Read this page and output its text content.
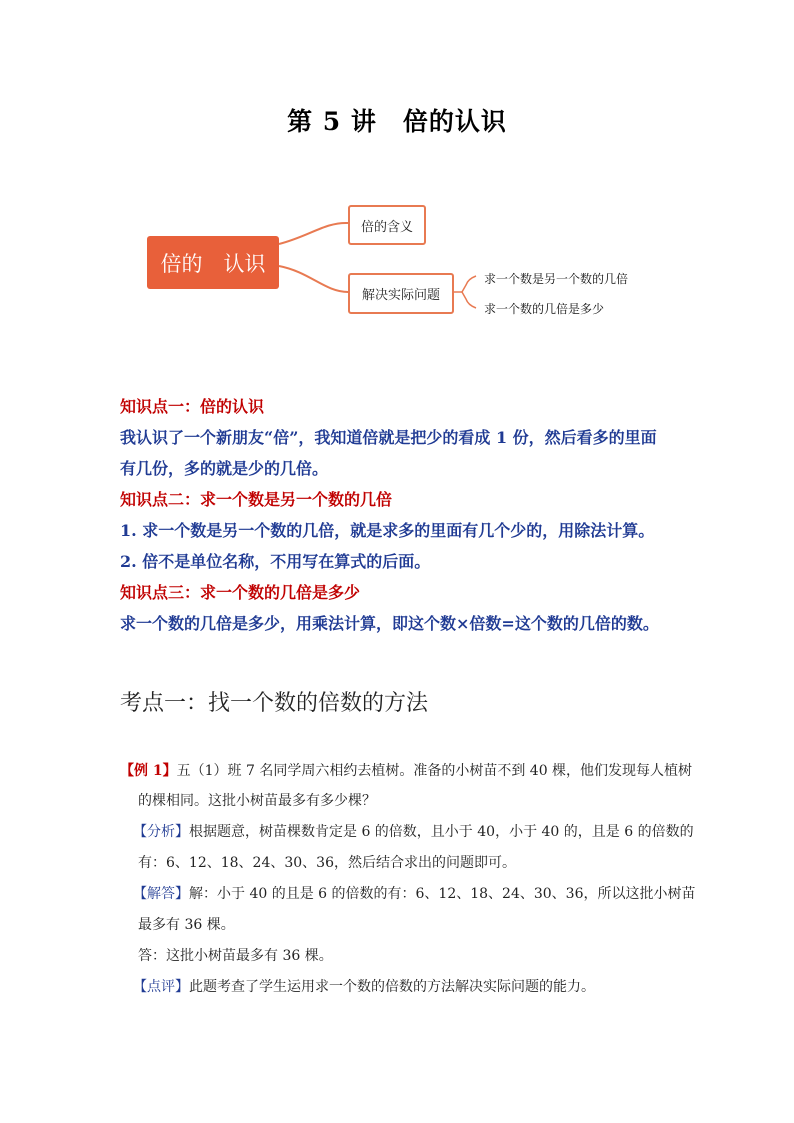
第 5 讲　倍的认识
倍的　认识
倍的含义
解决实际问题
求一个数是另一个数的几倍
求一个数的几倍是多少
知识点一：倍的认识
我认识了一个新朋友“倍”，我知道倍就是把少的看成 1 份，然后看多的里面
有几份，多的就是少的几倍。
知识点二：求一个数是另一个数的几倍
1. 求一个数是另一个数的几倍，就是求多的里面有几个少的，用除法计算。
2. 倍不是单位名称，不用写在算式的后面。
知识点三：求一个数的几倍是多少
求一个数的几倍是多少，用乘法计算，即这个数×倍数=这个数的几倍的数。
考点一：找一个数的倍数的方法
【例 1】五（1）班 7 名同学周六相约去植树。准备的小树苗不到 40 棵，他们发现每人植树
的棵相同。这批小树苗最多有多少棵？
【分析】根据题意，树苗棵数肯定是 6 的倍数，且小于 40，小于 40 的，且是 6 的倍数的
有：6、12、18、24、30、36，然后结合求出的问题即可。
【解答】解：小于 40 的且是 6 的倍数的有：6、12、18、24、30、36，所以这批小树苗
最多有 36 棵。
答：这批小树苗最多有 36 棵。
【点评】此题考查了学生运用求一个数的倍数的方法解决实际问题的能力。
